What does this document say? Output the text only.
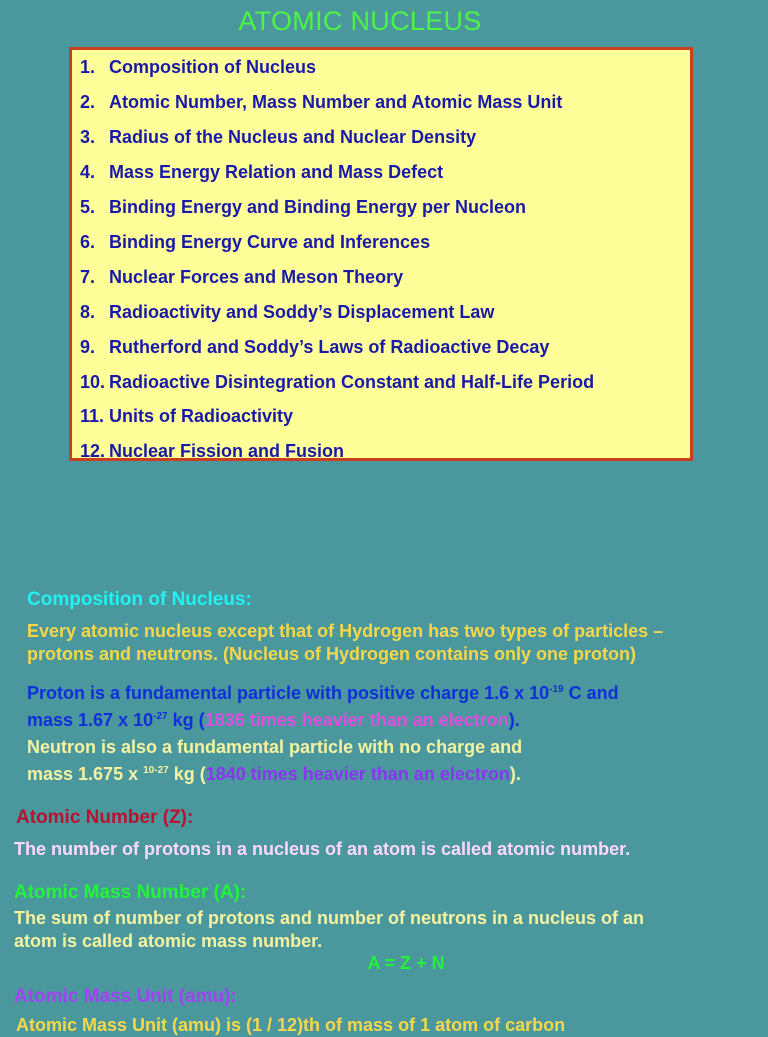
ATOMIC NUCLEUS
1. Composition of Nucleus
2. Atomic Number, Mass Number and Atomic Mass Unit
3. Radius of the Nucleus and Nuclear Density
4. Mass Energy Relation and Mass Defect
5. Binding Energy and Binding Energy per Nucleon
6. Binding Energy Curve and Inferences
7. Nuclear Forces and Meson Theory
8. Radioactivity and Soddy’s Displacement Law
9. Rutherford and Soddy’s Laws of Radioactive Decay
10. Radioactive Disintegration Constant and Half-Life Period
11. Units of Radioactivity
12. Nuclear Fission and Fusion
Composition of Nucleus:
Every atomic nucleus except that of Hydrogen has two types of particles –
protons and neutrons. (Nucleus of Hydrogen contains only one proton)
Proton is a fundamental particle with positive charge 1.6 x $10^{-19}$ C and
mass 1.67 x $10^{-27}$ kg (1836 times heavier than an electron).
Neutron is also a fundamental particle with no charge and
mass 1.675 x $^{10-27}$ kg (1840 times heavier than an electron).
Atomic Number (Z):
The number of protons in a nucleus of an atom is called atomic number.
Atomic Mass Number (A):
The sum of number of protons and number of neutrons in a nucleus of an
atom is called atomic mass number.
A = Z + N
Atomic Mass Unit (amu):
Atomic Mass Unit (amu) is (1 / 12)th of mass of 1 atom of carbon
